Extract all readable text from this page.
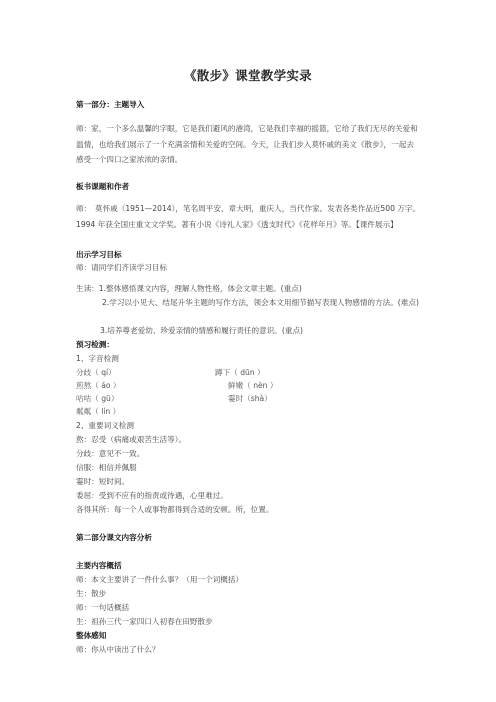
《散步》课堂教学实录
第一部分：主题导入
师：家，一个多么温馨的字眼，它是我们避风的港湾，它是我们幸福的摇篮，它给了我们无尽的关爱和温情，也给我们展示了一个充满亲情和关爱的空间。今天，让我们步入莫怀戚的美文《散步》，一起去感受一个四口之家浓浓的亲情。
板书课题和作者
师：　莫怀戚（1951—2014），笔名周平安、章大明，重庆人，当代作家。发表各类作品近500 万字。1994 年获全国庄重文文学奖。著有小说《诗礼人家》《透支时代》《花样年月》等。【课件展示】
出示学习目标
师：请同学们齐读学习目标
生读：1.整体感悟课文内容，理解人物性格，体会文章主题。(重点)
2.学习以小见大、结尾升华主题的写作方法，领会本文用细节描写表现人物感情的方法。(难点)
3.培养尊老爱幼、珍爱亲情的情感和履行责任的意识。(重点)
预习检测：
1、字音检测
分歧（ qí）	蹲下（ dūn ）
煎熬（ áo ）	鲜嫩（ nèn ）
咕咕（ gū）	霎时（shà）
粼粼（ lín ）
2、重要词义检测
熬：忍受（病痛或艰苦生活等）。
分歧：意见不一致。
信服：相信并佩服
霎时：短时间。
委屈：受到不应有的指责或待遇，心里难过。
各得其所：每一个人或事物都得到合适的安顿。所，位置。
第二部分课文内容分析
主要内容概括
师：本文主要讲了一件什么事？（用一个词概括）
生：散步
师：一句话概括
生：祖孙三代一家四口人初春在田野散步
整体感知
师：你从中读出了什么？
